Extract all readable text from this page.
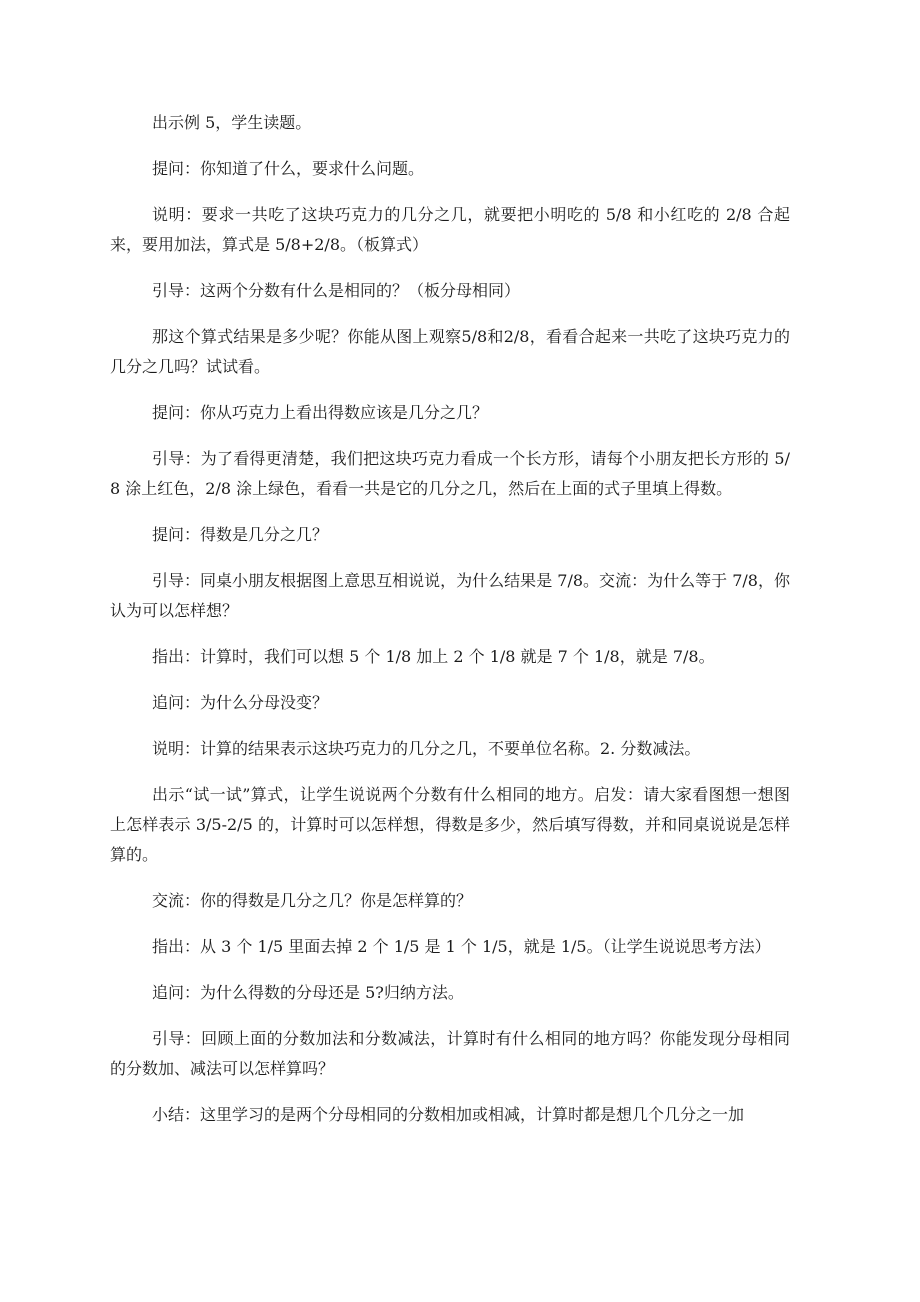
出示例 5，学生读题。

提问：你知道了什么，要求什么问题。

说明：要求一共吃了这块巧克力的几分之几，就要把小明吃的 5/8 和小红吃的 2/8 合起来，要用加法，算式是 5/8+2/8。（板算式）

引导：这两个分数有什么是相同的？（板分母相同）

那这个算式结果是多少呢？你能从图上观察5/8和2/8，看看合起来一共吃了这块巧克力的几分之几吗？试试看。

提问：你从巧克力上看出得数应该是几分之几？

引导：为了看得更清楚，我们把这块巧克力看成一个长方形，请每个小朋友把长方形的 5/8 涂上红色，2/8 涂上绿色，看看一共是它的几分之几，然后在上面的式子里填上得数。

提问：得数是几分之几？

引导：同桌小朋友根据图上意思互相说说，为什么结果是 7/8。交流：为什么等于 7/8，你认为可以怎样想？

指出：计算时，我们可以想 5 个 1/8 加上 2 个 1/8 就是 7 个 1/8，就是 7/8。

追问：为什么分母没变？

说明：计算的结果表示这块巧克力的几分之几，不要单位名称。2. 分数减法。

出示“试一试”算式，让学生说说两个分数有什么相同的地方。启发：请大家看图想一想图上怎样表示 3/5-2/5 的，计算时可以怎样想，得数是多少，然后填写得数，并和同桌说说是怎样算的。

交流：你的得数是几分之几？你是怎样算的？

指出：从 3 个 1/5 里面去掉 2 个 1/5 是 1 个 1/5，就是 1/5。（让学生说说思考方法）

追问：为什么得数的分母还是 5?归纳方法。

引导：回顾上面的分数加法和分数减法，计算时有什么相同的地方吗？你能发现分母相同的分数加、减法可以怎样算吗？

小结：这里学习的是两个分母相同的分数相加或相减，计算时都是想几个几分之一加
